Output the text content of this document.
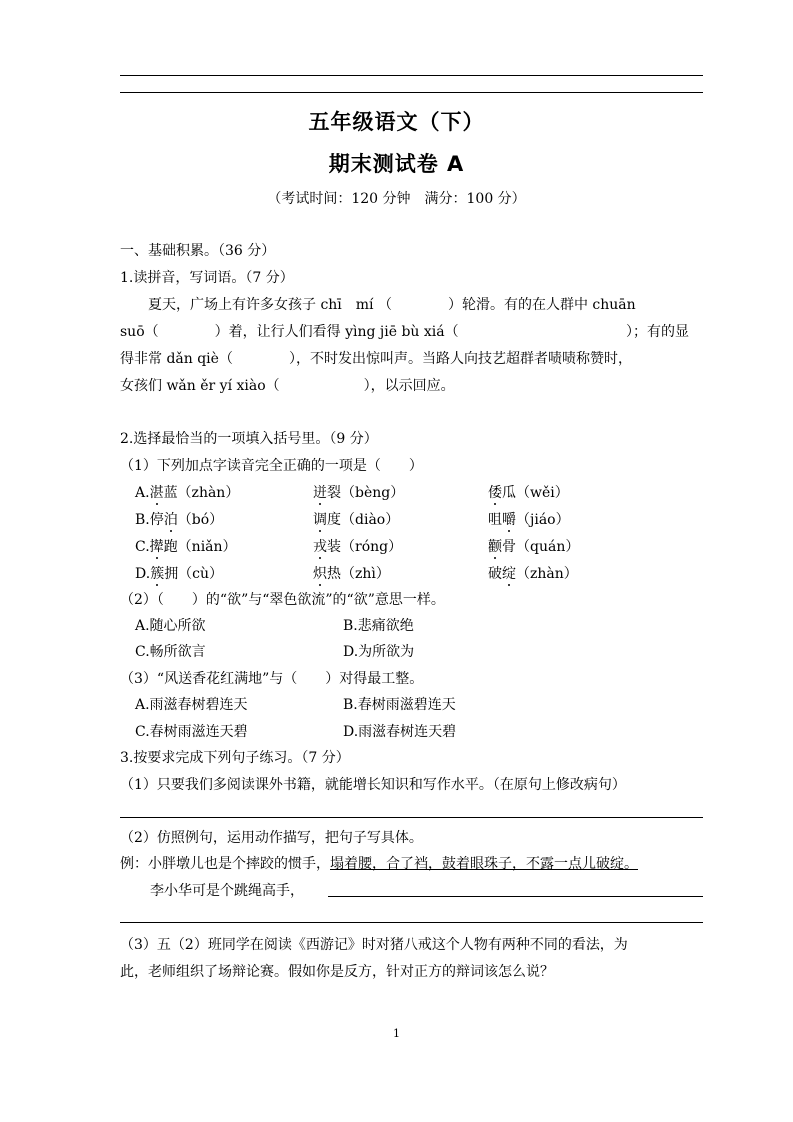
五年级语文（下）
期末测试卷 A
（考试时间：120 分钟　满分：100 分）
一、基础积累。（36 分）
1.读拼音，写词语。（7 分）
夏天，广场上有许多女孩子 chī　mí （　　　　）轮滑。有的在人群中 chuān
suō（　　　　）着，让行人们看得 yìng jiē bù xiá（	）；有的显
得非常 dǎn qiè（　　　　），不时发出惊叫声。当路人向技艺超群者啧啧称赞时，
女孩们 wǎn ěr yí xiào（　　　　　　），以示回应。
2.选择最恰当的一项填入括号里。（9 分）
（1）下列加点字读音完全正确的一项是（　　）
A.湛蓝（zhàn）	迸裂（bèng）	倭瓜（wěi）
B.停泊（bó）	调度（diào）	咀嚼（jiáo）
C.撵跑（niǎn）	戎装（róng）	颧骨（quán）
D.簇拥（cù）	炽热（zhì）	破绽（zhàn）
（2）（　　）的“欲”与“翠色欲流”的“欲”意思一样。
A.随心所欲	B.悲痛欲绝
C.畅所欲言	D.为所欲为
（3）“风送香花红满地”与（　　）对得最工整。
A.雨滋春树碧连天	B.春树雨滋碧连天
C.春树雨滋连天碧	D.雨滋春树连天碧
3.按要求完成下列句子练习。（7 分）
（1）只要我们多阅读课外书籍，就能增长知识和写作水平。（在原句上修改病句）
（2）仿照例句，运用动作描写，把句子写具体。
例：小胖墩儿也是个摔跤的惯手，塌着腰，合了裆，鼓着眼珠子，不露一点儿破绽。
李小华可是个跳绳高手，
（3）五（2）班同学在阅读《西游记》时对猪八戒这个人物有两种不同的看法，为
此，老师组织了场辩论赛。假如你是反方，针对正方的辩词该怎么说？
1
